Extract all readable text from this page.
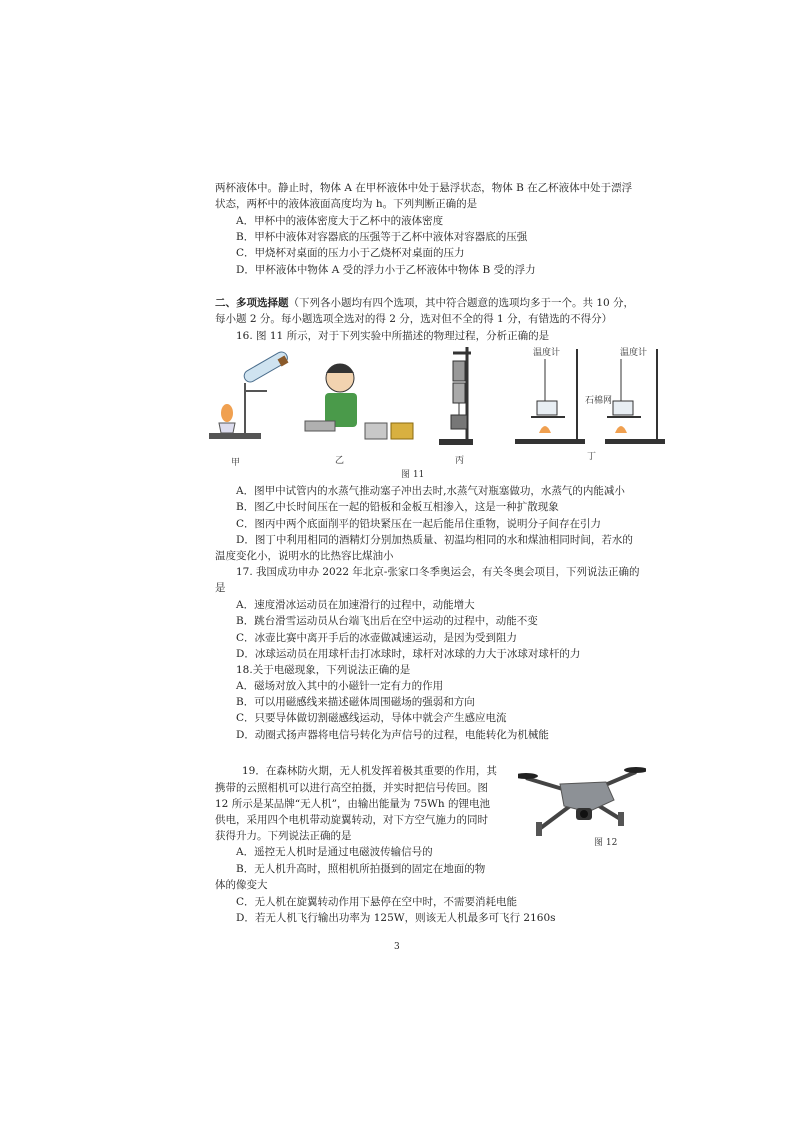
两杯液体中。静止时，物体 A 在甲杯液体中处于悬浮状态，物体 B 在乙杯液体中处于漂浮
状态，两杯中的液体液面高度均为 h。下列判断正确的是
A．甲杯中的液体密度大于乙杯中的液体密度
B．甲杯中液体对容器底的压强等于乙杯中液体对容器底的压强
C．甲烧杯对桌面的压力小于乙烧杯对桌面的压力
D．甲杯液体中物体 A 受的浮力小于乙杯液体中物体 B 受的浮力
二、多项选择题（下列各小题均有四个选项，其中符合题意的选项均多于一个。共 10 分，
每小题 2 分。每小题选项全选对的得 2 分，选对但不全的得 1 分，有错选的不得分）
16. 图 11 所示，对于下列实验中所描述的物理过程，分析正确的是
温度计	温度计
石棉网
甲	乙	丙	丁
图 11
A．图甲中试管内的水蒸气推动塞子冲出去时,水蒸气对瓶塞做功，水蒸气的内能减小
B．图乙中长时间压在一起的铅板和金板互相渗入，这是一种扩散现象
C．图丙中两个底面削平的铅块紧压在一起后能吊住重物，说明分子间存在引力
D．图丁中利用相同的酒精灯分别加热质量、初温均相同的水和煤油相同时间，若水的
温度变化小，说明水的比热容比煤油小
17. 我国成功申办 2022 年北京-张家口冬季奥运会，有关冬奥会项目，下列说法正确的
是
A．速度滑冰运动员在加速滑行的过程中，动能增大
B．跳台滑雪运动员从台端飞出后在空中运动的过程中，动能不变
C．冰壶比赛中离开手后的冰壶做减速运动，是因为受到阻力
D．冰球运动员在用球杆击打冰球时，球杆对冰球的力大于冰球对球杆的力
18.关于电磁现象，下列说法正确的是
A．磁场对放入其中的小磁针一定有力的作用
B．可以用磁感线来描述磁体周围磁场的强弱和方向
C．只要导体做切割磁感线运动，导体中就会产生感应电流
D．动圈式扬声器将电信号转化为声信号的过程，电能转化为机械能
19．在森林防火期，无人机发挥着极其重要的作用，其
携带的云照相机可以进行高空拍摄，并实时把信号传回。图
12 所示是某品牌“无人机”，由输出能量为 75Wh 的锂电池
供电，采用四个电机带动旋翼转动，对下方空气施力的同时
获得升力。下列说法正确的是
A．遥控无人机时是通过电磁波传输信号的
B．无人机升高时，照相机所拍摄到的固定在地面的物
体的像变大
C．无人机在旋翼转动作用下悬停在空中时，不需要消耗电能
D．若无人机飞行输出功率为 125W，则该无人机最多可飞行 2160s
图 12
3
